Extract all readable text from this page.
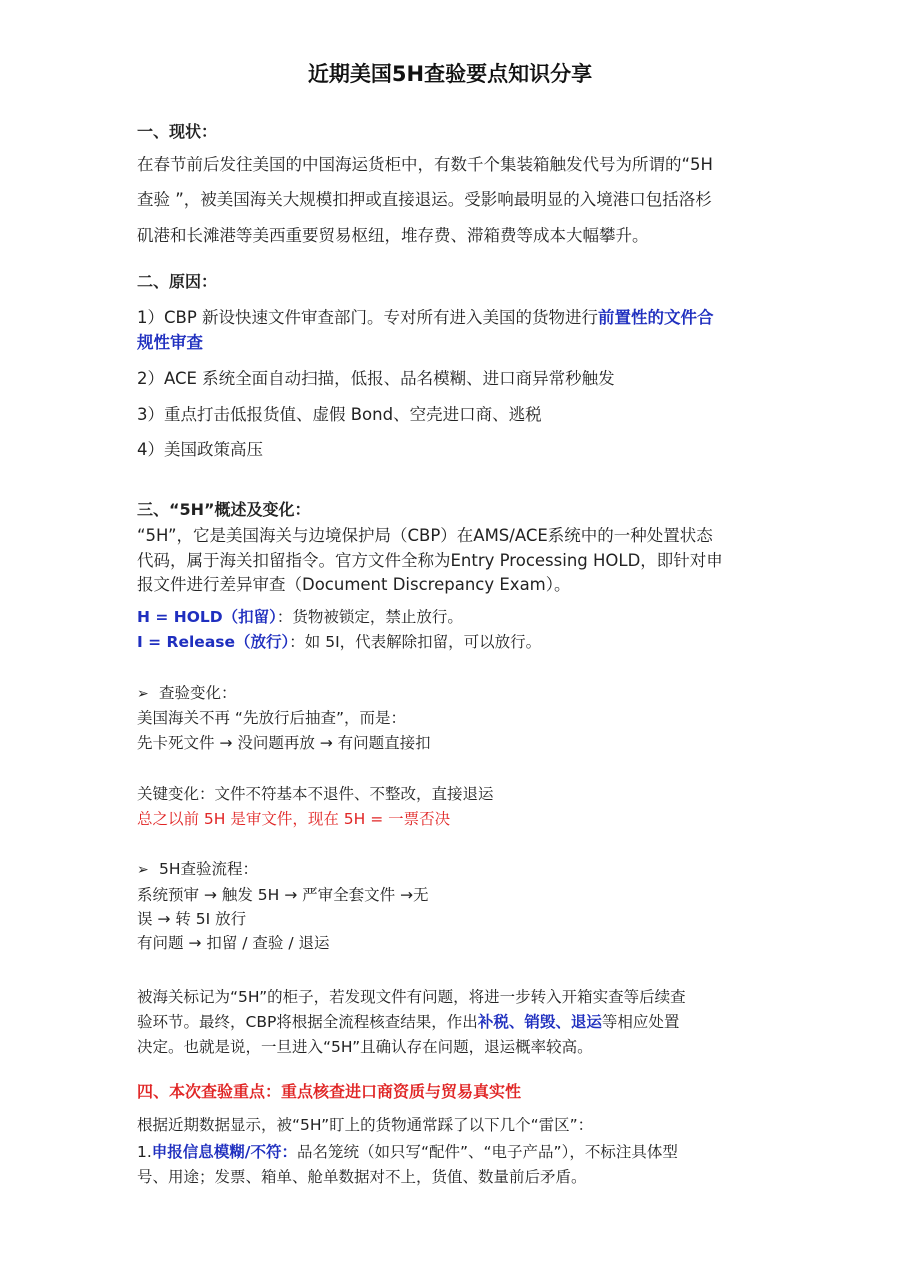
近期美国5H查验要点知识分享
一、现状：
在春节前后发往美国的中国海运货柜中，有数千个集装箱触发代号为所谓的“5H
查验 ”，被美国海关大规模扣押或直接退运。受影响最明显的入境港口包括洛杉
矶港和长滩港等美西重要贸易枢纽，堆存费、滞箱费等成本大幅攀升。
二、原因：
1）CBP 新设快速文件审查部门。专对所有进入美国的货物进行前置性的文件合
规性审查
2）ACE 系统全面自动扫描，低报、品名模糊、进口商异常秒触发
3）重点打击低报货值、虚假 Bond、空壳进口商、逃税
4）美国政策高压
三、“5H”概述及变化：
“5H”，它是美国海关与边境保护局（CBP）在AMS/ACE系统中的一种处置状态
代码，属于海关扣留指令。官方文件全称为Entry Processing HOLD，即针对申
报文件进行差异审查（Document Discrepancy Exam）。
H = HOLD（扣留）：货物被锁定，禁止放行。
I = Release（放行）：如 5I，代表解除扣留，可以放行。
➢ 查验变化：
美国海关不再 “先放行后抽查”，而是：
先卡死文件 → 没问题再放 → 有问题直接扣
关键变化：文件不符基本不退件、不整改，直接退运
总之以前 5H 是审文件，现在 5H = 一票否决
➢ 5H查验流程：
系统预审 → 触发 5H → 严审全套文件 →无
误 → 转 5I 放行
有问题 → 扣留 / 查验 / 退运
被海关标记为“5H”的柜子，若发现文件有问题，将进一步转入开箱实查等后续查
验环节。最终，CBP将根据全流程核查结果，作出补税、销毁、退运等相应处置
决定。也就是说，一旦进入“5H”且确认存在问题，退运概率较高。
四、本次查验重点：重点核查进口商资质与贸易真实性
根据近期数据显示，被“5H”盯上的货物通常踩了以下几个“雷区”：
1.申报信息模糊/不符：品名笼统（如只写“配件”、“电子产品”），不标注具体型
号、用途；发票、箱单、舱单数据对不上，货值、数量前后矛盾。
